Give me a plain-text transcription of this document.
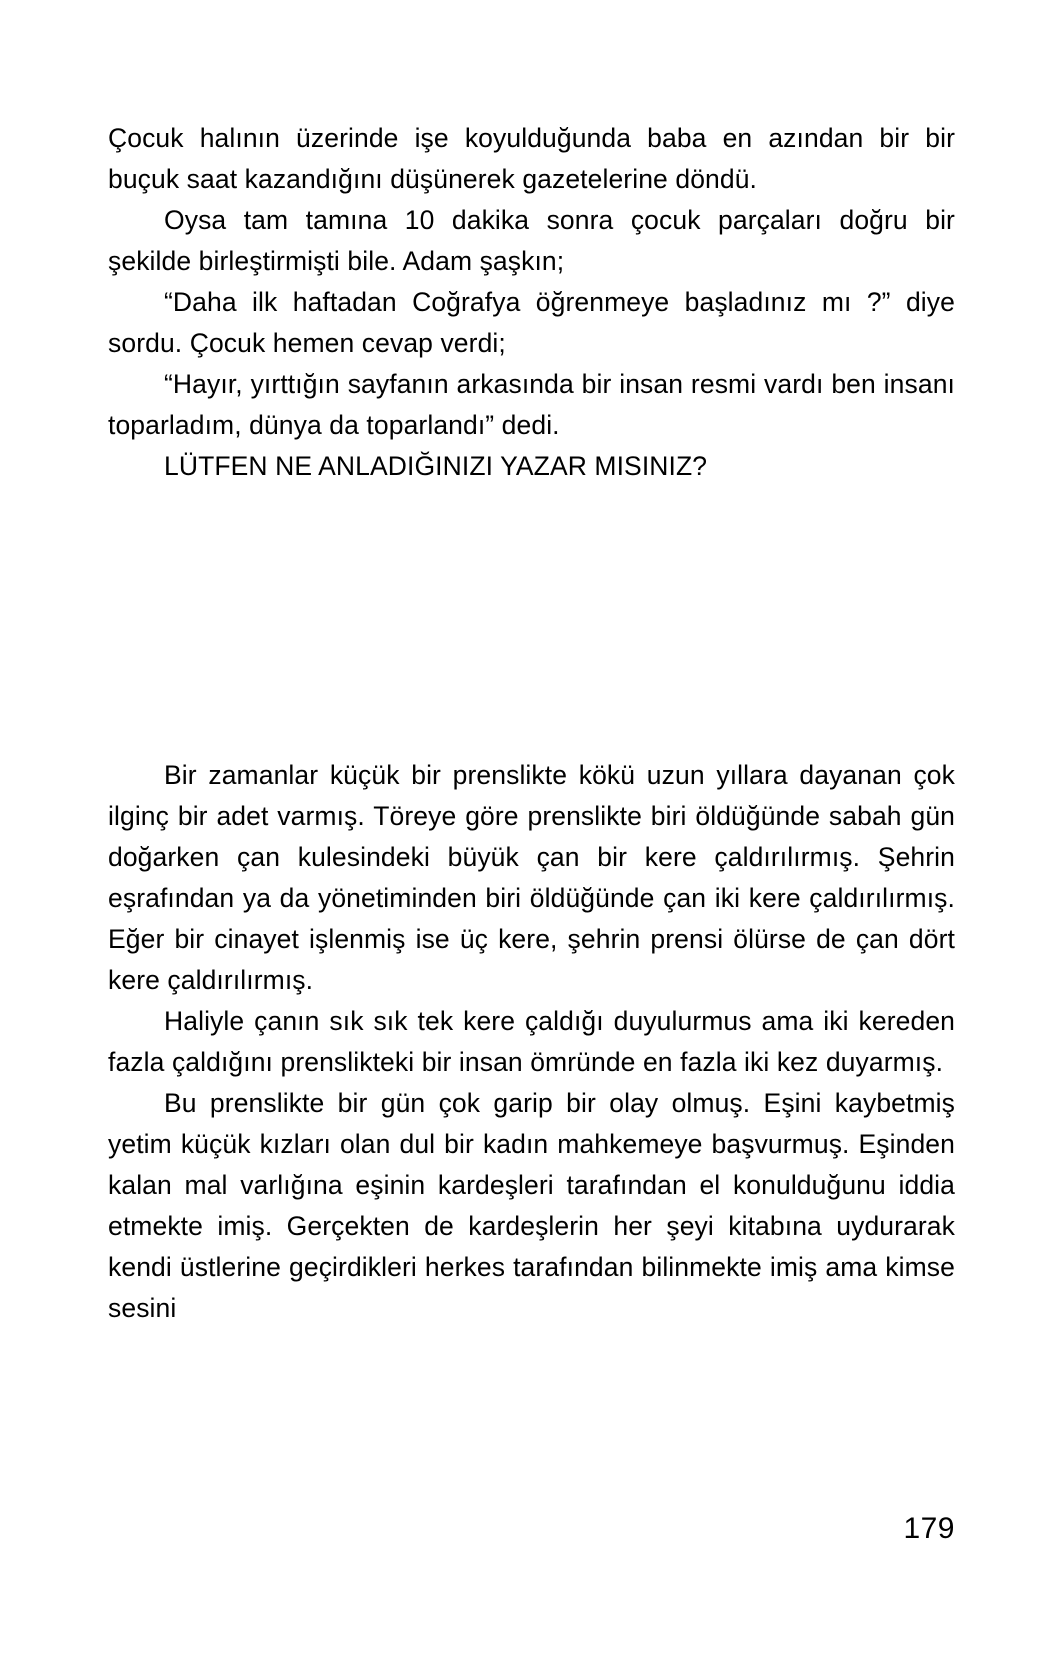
Çocuk halının üzerinde işe koyulduğunda baba en azından bir bir buçuk saat kazandığını düşünerek gazetelerine döndü.

Oysa tam tamına 10 dakika sonra çocuk parçaları doğru bir şekilde birleştirmişti bile. Adam şaşkın;

“Daha ilk haftadan Coğrafya öğrenmeye başladınız mı ?” diye sordu. Çocuk hemen cevap verdi;

“Hayır, yırttığın sayfanın arkasında bir insan resmi vardı ben insanı toparladım, dünya da toparlandı” dedi.

LÜTFEN NE ANLADIĞINIZI YAZAR MISINIZ?

Bir zamanlar küçük bir prenslikte kökü uzun yıllara dayanan çok ilginç bir adet varmış. Töreye göre prenslikte biri öldüğünde sabah gün doğarken çan kulesindeki büyük çan bir kere çaldırılırmış. Şehrin eşrafından ya da yönetiminden biri öldüğünde çan iki kere çaldırılırmış. Eğer bir cinayet işlenmiş ise üç kere, şehrin prensi ölürse de çan dört kere çaldırılırmış.

Haliyle çanın sık sık tek kere çaldığı duyulurmus ama iki kereden fazla çaldığını prenslikteki bir insan ömründe en fazla iki kez duyarmış.

Bu prenslikte bir gün çok garip bir olay olmuş. Eşini kaybetmiş yetim küçük kızları olan dul bir kadın mahkemeye başvurmuş. Eşinden kalan mal varlığına eşinin kardeşleri tarafından el konulduğunu iddia etmekte imiş. Gerçekten de kardeşlerin her şeyi kitabına uydurarak kendi üstlerine geçirdikleri herkes tarafından bilinmekte imiş ama kimse sesini

179
